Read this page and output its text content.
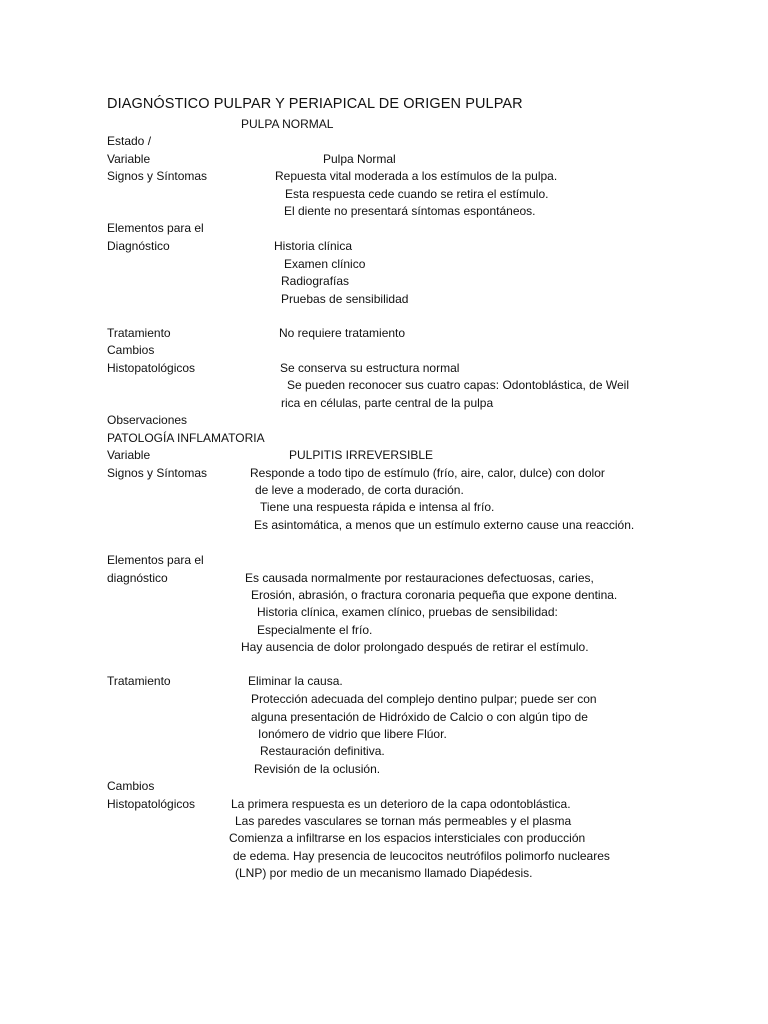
DIAGNÓSTICO PULPAR Y PERIAPICAL DE ORIGEN PULPAR
PULPA NORMAL
Estado /
Variable	Pulpa Normal
Signos y Síntomas	Repuesta vital moderada a los estímulos de la pulpa.
Esta respuesta cede cuando se retira el estímulo.
El diente no presentará síntomas espontáneos.
Elementos para el
Diagnóstico	Historia clínica
Examen clínico
Radiografías
Pruebas de sensibilidad
Tratamiento	No requiere tratamiento
Cambios
Histopatológicos	Se conserva su estructura normal
Se pueden reconocer sus cuatro capas: Odontoblástica, de Weil
rica en células, parte central de la pulpa
Observaciones
PATOLOGÍA INFLAMATORIA
Variable	PULPITIS IRREVERSIBLE
Signos y Síntomas	Responde a todo tipo de estímulo (frío, aire, calor, dulce) con dolor
de leve a moderado, de corta duración.
Tiene una respuesta rápida e intensa al frío.
Es asintomática, a menos que un estímulo externo cause una reacción.
Elementos para el
diagnóstico	Es causada normalmente por restauraciones defectuosas, caries,
Erosión, abrasión, o fractura coronaria pequeña que expone dentina.
Historia clínica, examen clínico, pruebas de sensibilidad:
Especialmente el frío.
Hay ausencia de dolor prolongado después de retirar el estímulo.
Tratamiento	Eliminar la causa.
Protección adecuada del complejo dentino pulpar; puede ser con
alguna presentación de Hidróxido de Calcio o con algún tipo de
Ionómero de vidrio que libere Flúor.
Restauración definitiva.
Revisión de la oclusión.
Cambios
Histopatológicos	La primera respuesta es un deterioro de la capa odontoblástica.
Las paredes vasculares se tornan más permeables y el plasma
Comienza a infiltrarse en los espacios intersticiales con producción
de edema. Hay presencia de leucocitos neutrófilos polimorfo nucleares
(LNP) por medio de un mecanismo llamado Diapédesis.
